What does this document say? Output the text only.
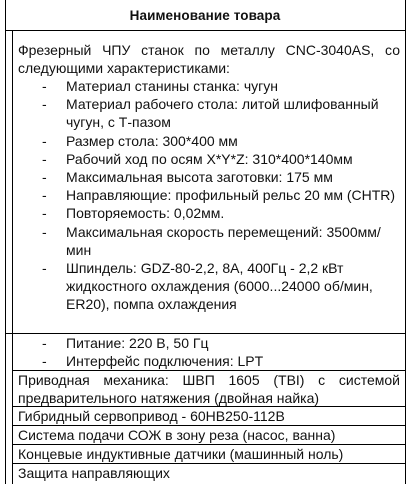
Наименование товара
Фрезерный ЧПУ станок по металлу CNC-3040AS, со следующими характеристиками:
- Материал станины станка: чугун
- Материал рабочего стола: литой шлифованный чугун, с Т-пазом
- Размер стола: 300*400 мм
- Рабочий ход по осям X*Y*Z: 310*400*140мм
- Максимальная высота заготовки: 175 мм
- Направляющие: профильный рельс 20 мм (CHTR)
- Повторяемость: 0,02мм.
- Максимальная скорость перемещений: 3500мм/мин
- Шпиндель: GDZ-80-2,2, 8А, 400Гц - 2,2 кВт жидкостного охлаждения (6000...24000 об/мин, ER20), помпа охлаждения
- Питание: 220 В, 50 Гц
- Интерфейс подключения: LPT
Приводная механика: ШВП 1605 (TBI) с системой предварительного натяжения (двойная найка)
Гибридный сервопривод - 60HB250-112B
Система подачи СОЖ в зону реза (насос, ванна)
Концевые индуктивные датчики (машинный ноль)
Защита направляющих
